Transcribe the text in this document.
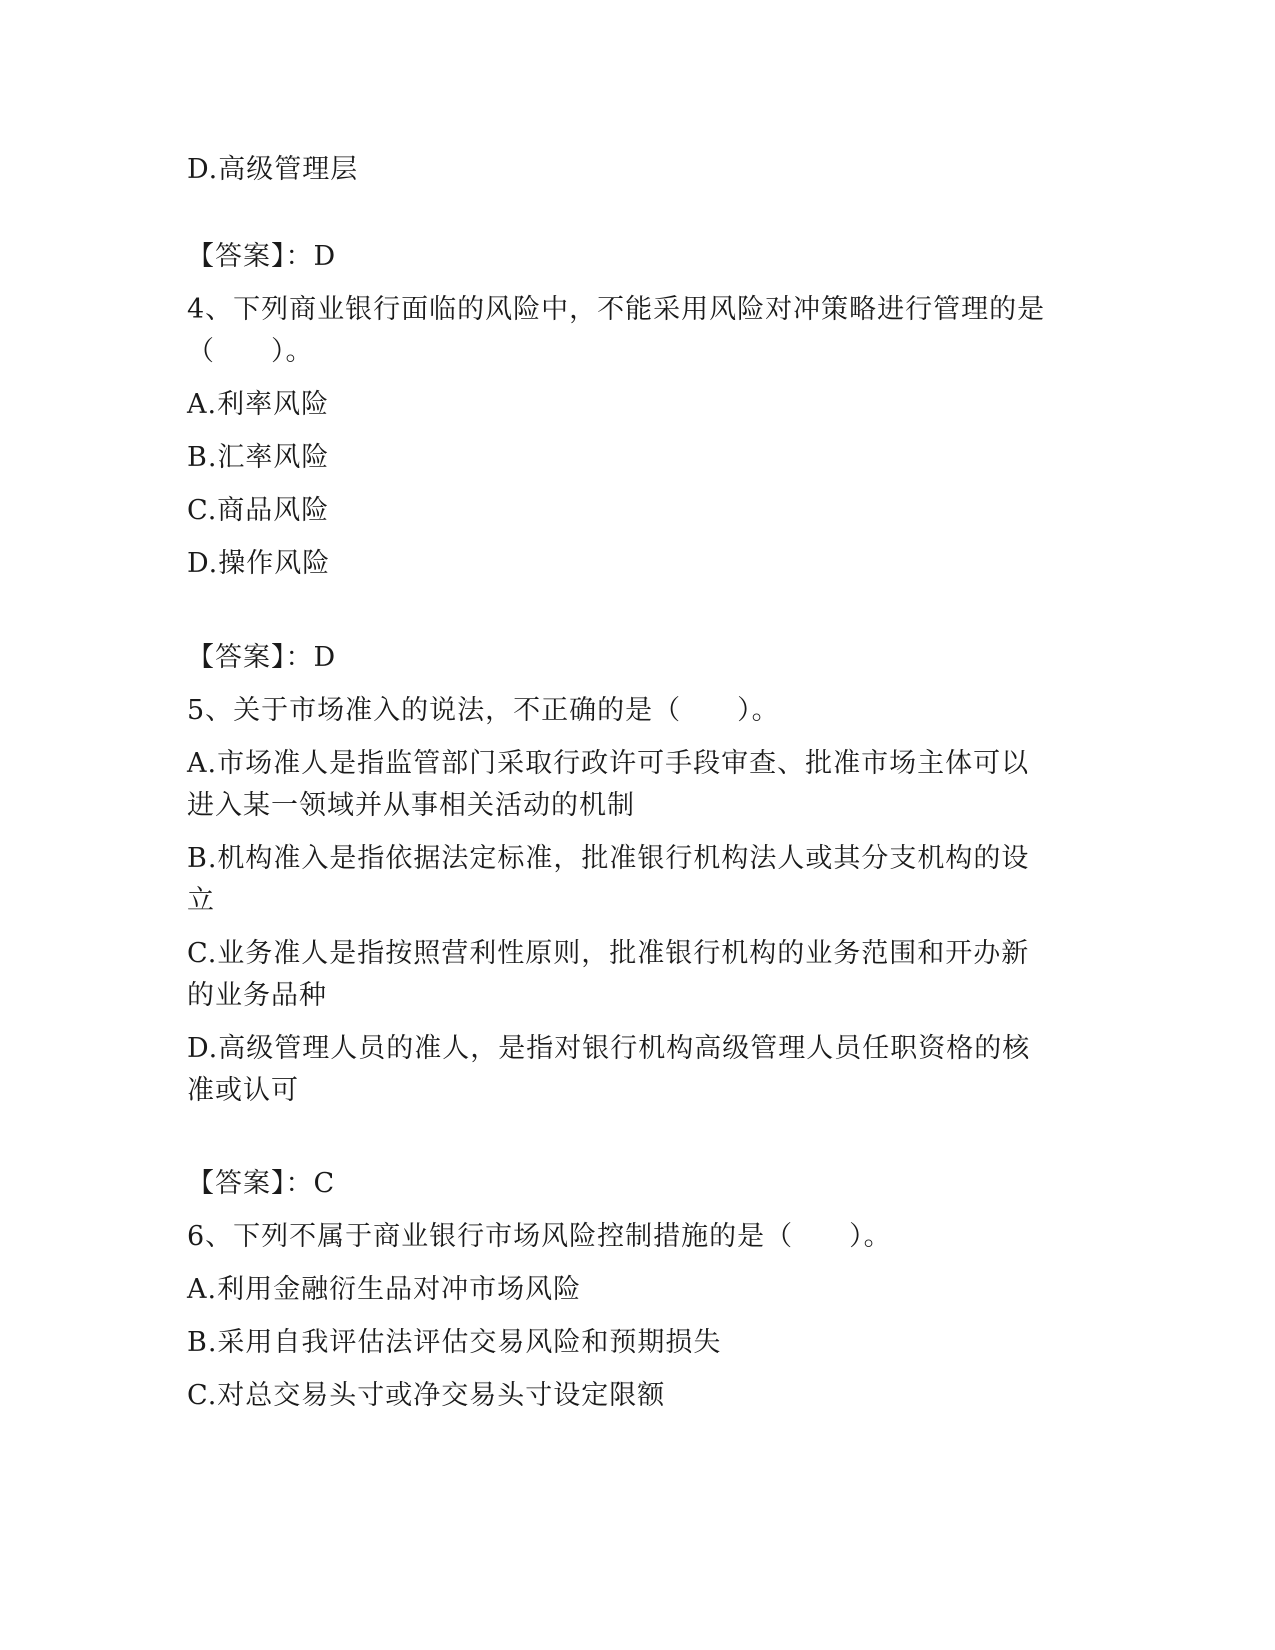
D.高级管理层
【答案】：D
4、下列商业银行面临的风险中，不能采用风险对冲策略进行管理的是
（　　）。
A.利率风险
B.汇率风险
C.商品风险
D.操作风险
【答案】：D
5、关于市场准入的说法，不正确的是（　　）。
A.市场准人是指监管部门采取行政许可手段审查、批准市场主体可以
进入某一领域并从事相关活动的机制
B.机构准入是指依据法定标准，批准银行机构法人或其分支机构的设
立
C.业务准人是指按照营利性原则，批准银行机构的业务范围和开办新
的业务品种
D.高级管理人员的准人，是指对银行机构高级管理人员任职资格的核
准或认可
【答案】：C
6、下列不属于商业银行市场风险控制措施的是（　　）。
A.利用金融衍生品对冲市场风险
B.采用自我评估法评估交易风险和预期损失
C.对总交易头寸或净交易头寸设定限额
